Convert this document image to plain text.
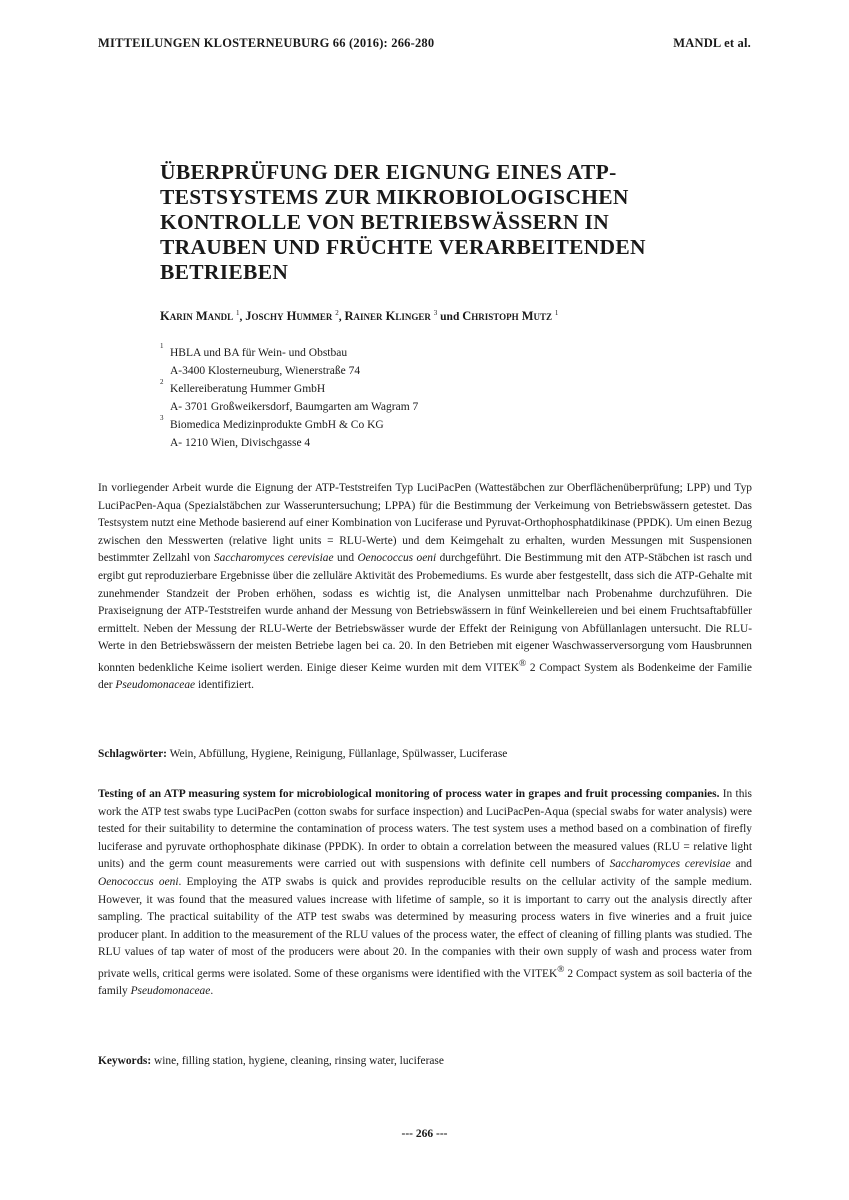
MITTEILUNGEN KLOSTERNEUBURG 66 (2016): 266-280	MANDL et al.
ÜBERPRÜFUNG DER EIGNUNG EINES ATP-TESTSYSTEMS ZUR MIKROBIOLOGISCHEN KONTROLLE VON BETRIEBSWÄSSERN IN TRAUBEN UND FRÜCHTE VERARBEITENDEN BETRIEBEN
Karin Mandl $^1$, Joschy Hummer $^2$, Rainer Klinger $^3$ und Christoph Mutz $^1$
1
HBLA und BA für Wein- und Obstbau
A-3400 Klosterneuburg, Wienerstraße 74
2
Kellereiberatung Hummer GmbH
A- 3701 Großweikersdorf, Baumgarten am Wagram 7
3
Biomedica Medizinprodukte GmbH & Co KG
A- 1210 Wien, Divischgasse 4

In vorliegender Arbeit wurde die Eignung der ATP-Teststreifen Typ LuciPacPen (Wattestäbchen zur Oberflächenüberprüfung; LPP) und Typ LuciPacPen-Aqua (Spezialstäbchen zur Wasseruntersuchung; LPPA) für die Bestimmung der Verkeimung von Betriebswässern getestet. Das Testsystem nutzt eine Methode basierend auf einer Kombination von Luciferase und Pyruvat-Orthophosphatdikinase (PPDK). Um einen Bezug zwischen den Messwerten (relative light units = RLU-Werte) und dem Keimgehalt zu erhalten, wurden Messungen mit Suspensionen bestimmter Zellzahl von Saccharomyces cerevisiae und Oenococcus oeni durchgeführt. Die Bestimmung mit den ATP-Stäbchen ist rasch und ergibt gut reproduzierbare Ergebnisse über die zelluläre Aktivität des Probemediums. Es wurde aber festgestellt, dass sich die ATP-Gehalte mit zunehmender Standzeit der Proben erhöhen, sodass es wichtig ist, die Analysen unmittelbar nach Probenahme durchzuführen. Die Praxiseignung der ATP-Teststreifen wurde anhand der Messung von Betriebswässern in fünf Weinkellereien und bei einem Fruchtsaftabfüller ermittelt. Neben der Messung der RLU-Werte der Betriebswässer wurde der Effekt der Reinigung von Abfüllanlagen untersucht. Die RLU-Werte in den Betriebswässern der meisten Betriebe lagen bei ca. 20. In den Betrieben mit eigener Waschwasserversorgung vom Hausbrunnen konnten bedenkliche Keime isoliert werden. Einige dieser Keime wurden mit dem VITEK® 2 Compact System als Bodenkeime der Familie der Pseudomonaceae identifiziert.

Schlagwörter: Wein, Abfüllung, Hygiene, Reinigung, Füllanlage, Spülwasser, Luciferase

Testing of an ATP measuring system for microbiological monitoring of process water in grapes and fruit processing companies. In this work the ATP test swabs type LuciPacPen (cotton swabs for surface inspection) and LuciPacPen-Aqua (special swabs for water analysis) were tested for their suitability to determine the contamination of process waters. The test system uses a method based on a combination of firefly luciferase and pyruvate orthophosphate dikinase (PPDK). In order to obtain a correlation between the measured values (RLU = relative light units) and the germ count measurements were carried out with suspensions with definite cell numbers of Saccharomyces cerevisiae and Oenococcus oeni. Employing the ATP swabs is quick and provides reproducible results on the cellular activity of the sample medium. However, it was found that the measured values increase with lifetime of sample, so it is important to carry out the analysis directly after sampling. The practical suitability of the ATP test swabs was determined by measuring process waters in five wineries and a fruit juice producer plant. In addition to the measurement of the RLU values of the process water, the effect of cleaning of filling plants was studied. The RLU values of tap water of most of the producers were about 20. In the companies with their own supply of wash and process water from private wells, critical germs were isolated. Some of these organisms were identified with the VITEK® 2 Compact system as soil bacteria of the family Pseudomonaceae.

Keywords: wine, filling station, hygiene, cleaning, rinsing water, luciferase

--- 266 ---
